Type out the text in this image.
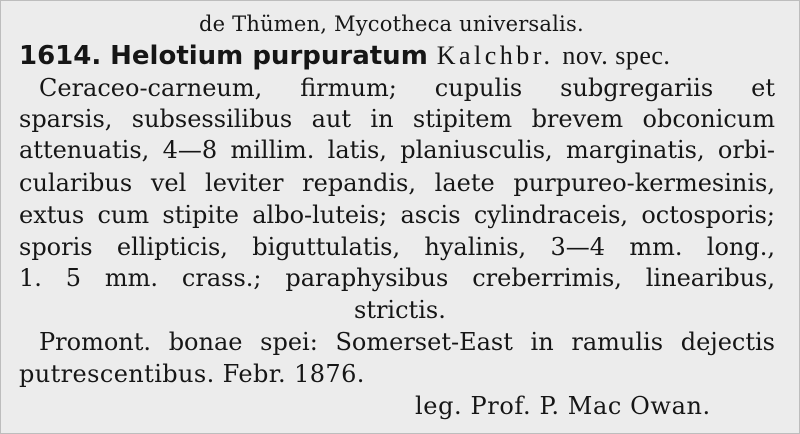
de Thümen, Mycotheca universalis.

1614. Helotium purpuratum Kalchbr. nov. spec.

Ceraceo-carneum, firmum; cupulis subgregariis et

sparsis, subsessilibus aut in stipitem brevem obconicum

attenuatis, 4—8 millim. latis, planiusculis, marginatis, orbi-

cularibus vel leviter repandis, laete purpureo-kermesinis,

extus cum stipite albo-luteis; ascis cylindraceis, octosporis;

sporis ellipticis, biguttulatis, hyalinis, 3—4 mm. long.,

1. 5 mm. crass.; paraphysibus creberrimis, linearibus,

strictis.

Promont. bonae spei: Somerset-East in ramulis dejectis

putrescentibus. Febr. 1876.

leg. Prof. P. Mac Owan.
